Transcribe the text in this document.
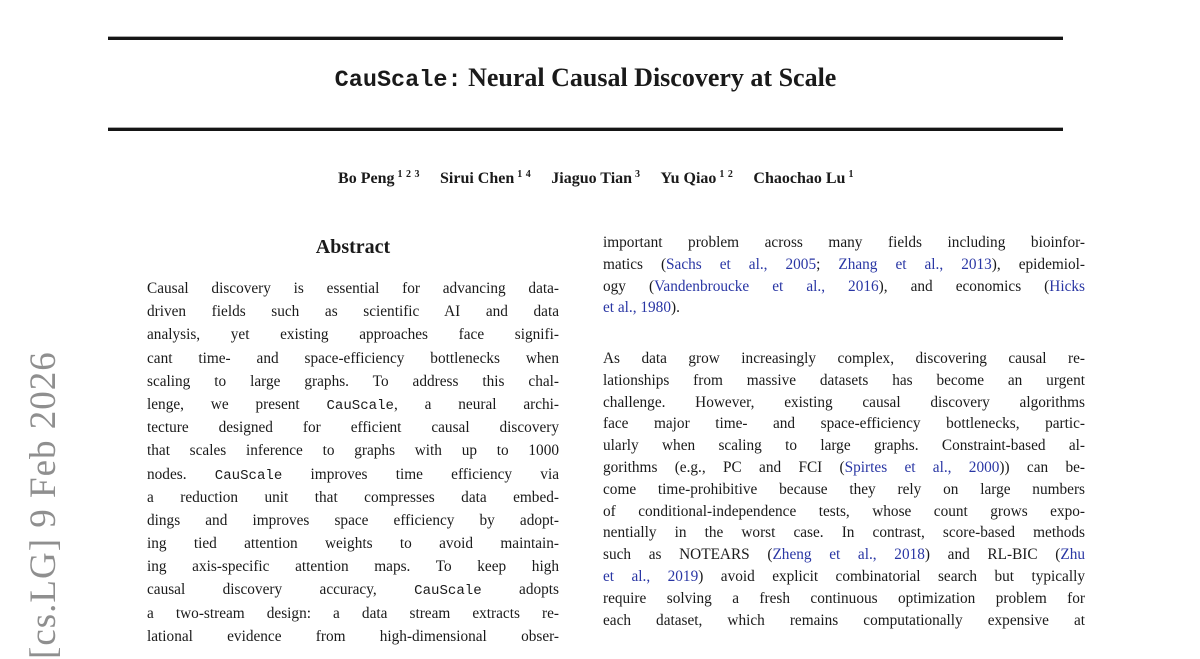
[cs.LG] 9 Feb 2026
CauScale: Neural Causal Discovery at Scale
Bo Peng $^{1 2 3}$ Sirui Chen $^{1 4}$ Jiaguo Tian $^3$ Yu Qiao $^{1 2}$ Chaochao Lu $^1$
Abstract
Causal discovery is essential for advancing data-
driven fields such as scientific AI and data
analysis, yet existing approaches face signifi-
cant time- and space-efficiency bottlenecks when
scaling to large graphs. To address this chal-
lenge, we present CauScale, a neural archi-
tecture designed for efficient causal discovery
that scales inference to graphs with up to 1000
nodes. CauScale improves time efficiency via
a reduction unit that compresses data embed-
dings and improves space efficiency by adopt-
ing tied attention weights to avoid maintain-
ing axis-specific attention maps. To keep high
causal discovery accuracy, CauScale adopts
a two-stream design: a data stream extracts re-
lational evidence from high-dimensional obser-
important problem across many fields including bioinfor-
matics (Sachs et al., 2005; Zhang et al., 2013), epidemiol-
ogy (Vandenbroucke et al., 2016), and economics (Hicks
et al., 1980).
As data grow increasingly complex, discovering causal re-
lationships from massive datasets has become an urgent
challenge. However, existing causal discovery algorithms
face major time- and space-efficiency bottlenecks, partic-
ularly when scaling to large graphs. Constraint-based al-
gorithms (e.g., PC and FCI (Spirtes et al., 2000)) can be-
come time-prohibitive because they rely on large numbers
of conditional-independence tests, whose count grows expo-
nentially in the worst case. In contrast, score-based methods
such as NOTEARS (Zheng et al., 2018) and RL-BIC (Zhu
et al., 2019) avoid explicit combinatorial search but typically
require solving a fresh continuous optimization problem for
each dataset, which remains computationally expensive at
